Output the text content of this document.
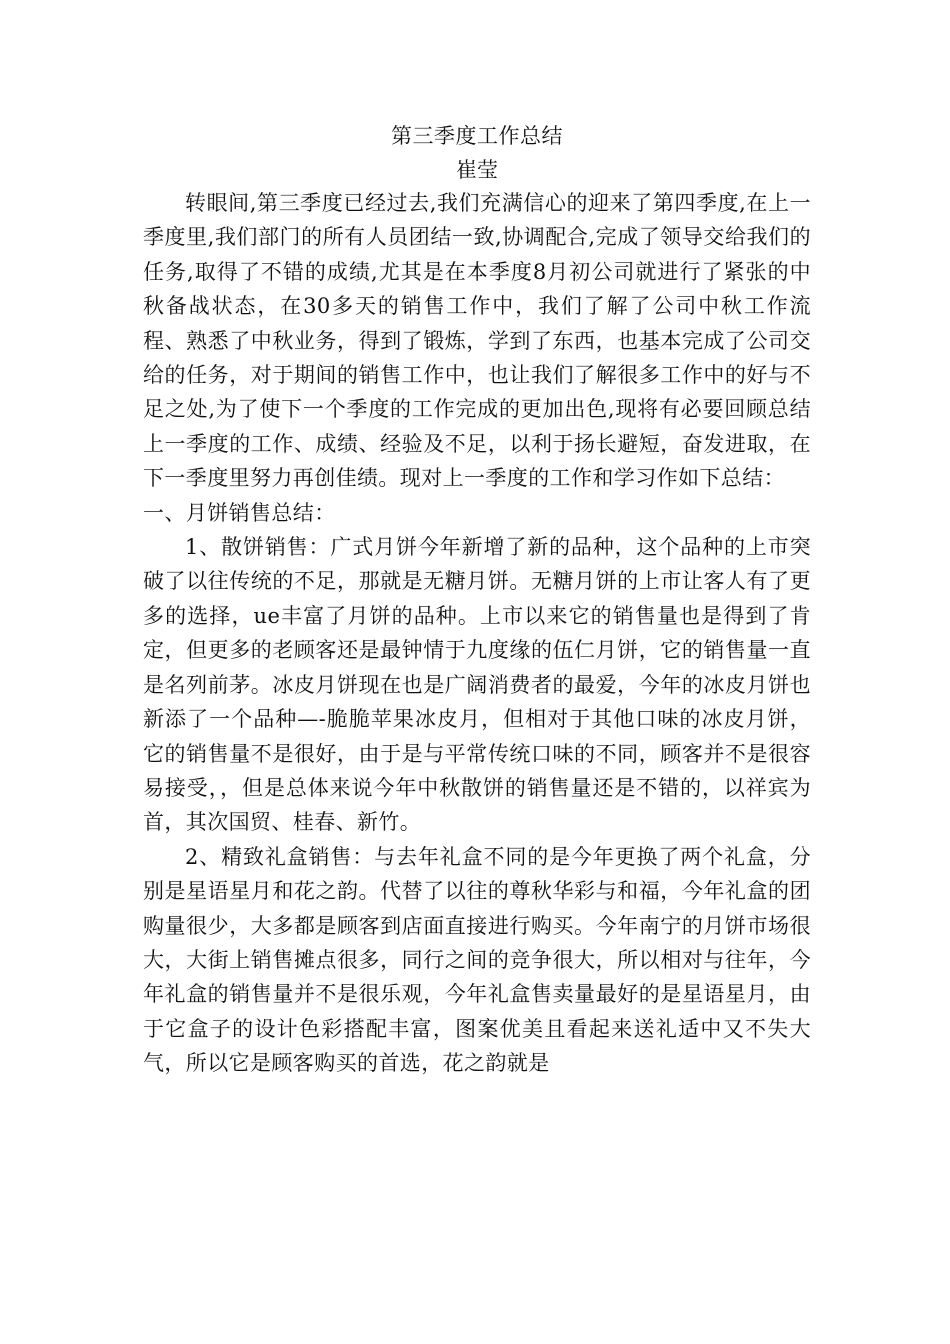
第三季度工作总结

崔莹

转眼间,第三季度已经过去,我们充满信心的迎来了第四季度,在上一季度里,我们部门的所有人员团结一致,协调配合,完成了领导交给我们的任务,取得了不错的成绩,尤其是在本季度8月初公司就进行了紧张的中秋备战状态，在30多天的销售工作中，我们了解了公司中秋工作流程、熟悉了中秋业务，得到了锻炼，学到了东西，也基本完成了公司交给的任务，对于期间的销售工作中，也让我们了解很多工作中的好与不足之处,为了使下一个季度的工作完成的更加出色,现将有必要回顾总结上一季度的工作、成绩、经验及不足，以利于扬长避短，奋发进取，在下一季度里努力再创佳绩。现对上一季度的工作和学习作如下总结：

一、月饼销售总结：

1、散饼销售：广式月饼今年新增了新的品种，这个品种的上市突破了以往传统的不足，那就是无糖月饼。无糖月饼的上市让客人有了更多的选择，ue丰富了月饼的品种。上市以来它的销售量也是得到了肯定，但更多的老顾客还是最钟情于九度缘的伍仁月饼，它的销售量一直是名列前茅。冰皮月饼现在也是广阔消费者的最爱，今年的冰皮月饼也新添了一个品种—-脆脆苹果冰皮月，但相对于其他口味的冰皮月饼，它的销售量不是很好，由于是与平常传统口味的不同，顾客并不是很容易接受，，但是总体来说今年中秋散饼的销售量还是不错的，以祥宾为首，其次国贸、桂春、新竹。

2、精致礼盒销售：与去年礼盒不同的是今年更换了两个礼盒，分别是星语星月和花之韵。代替了以往的尊秋华彩与和福，今年礼盒的团购量很少，大多都是顾客到店面直接进行购买。今年南宁的月饼市场很大，大街上销售摊点很多，同行之间的竞争很大，所以相对与往年，今年礼盒的销售量并不是很乐观，今年礼盒售卖量最好的是星语星月，由于它盒子的设计色彩搭配丰富，图案优美且看起来送礼适中又不失大气，所以它是顾客购买的首选，花之韵就是
